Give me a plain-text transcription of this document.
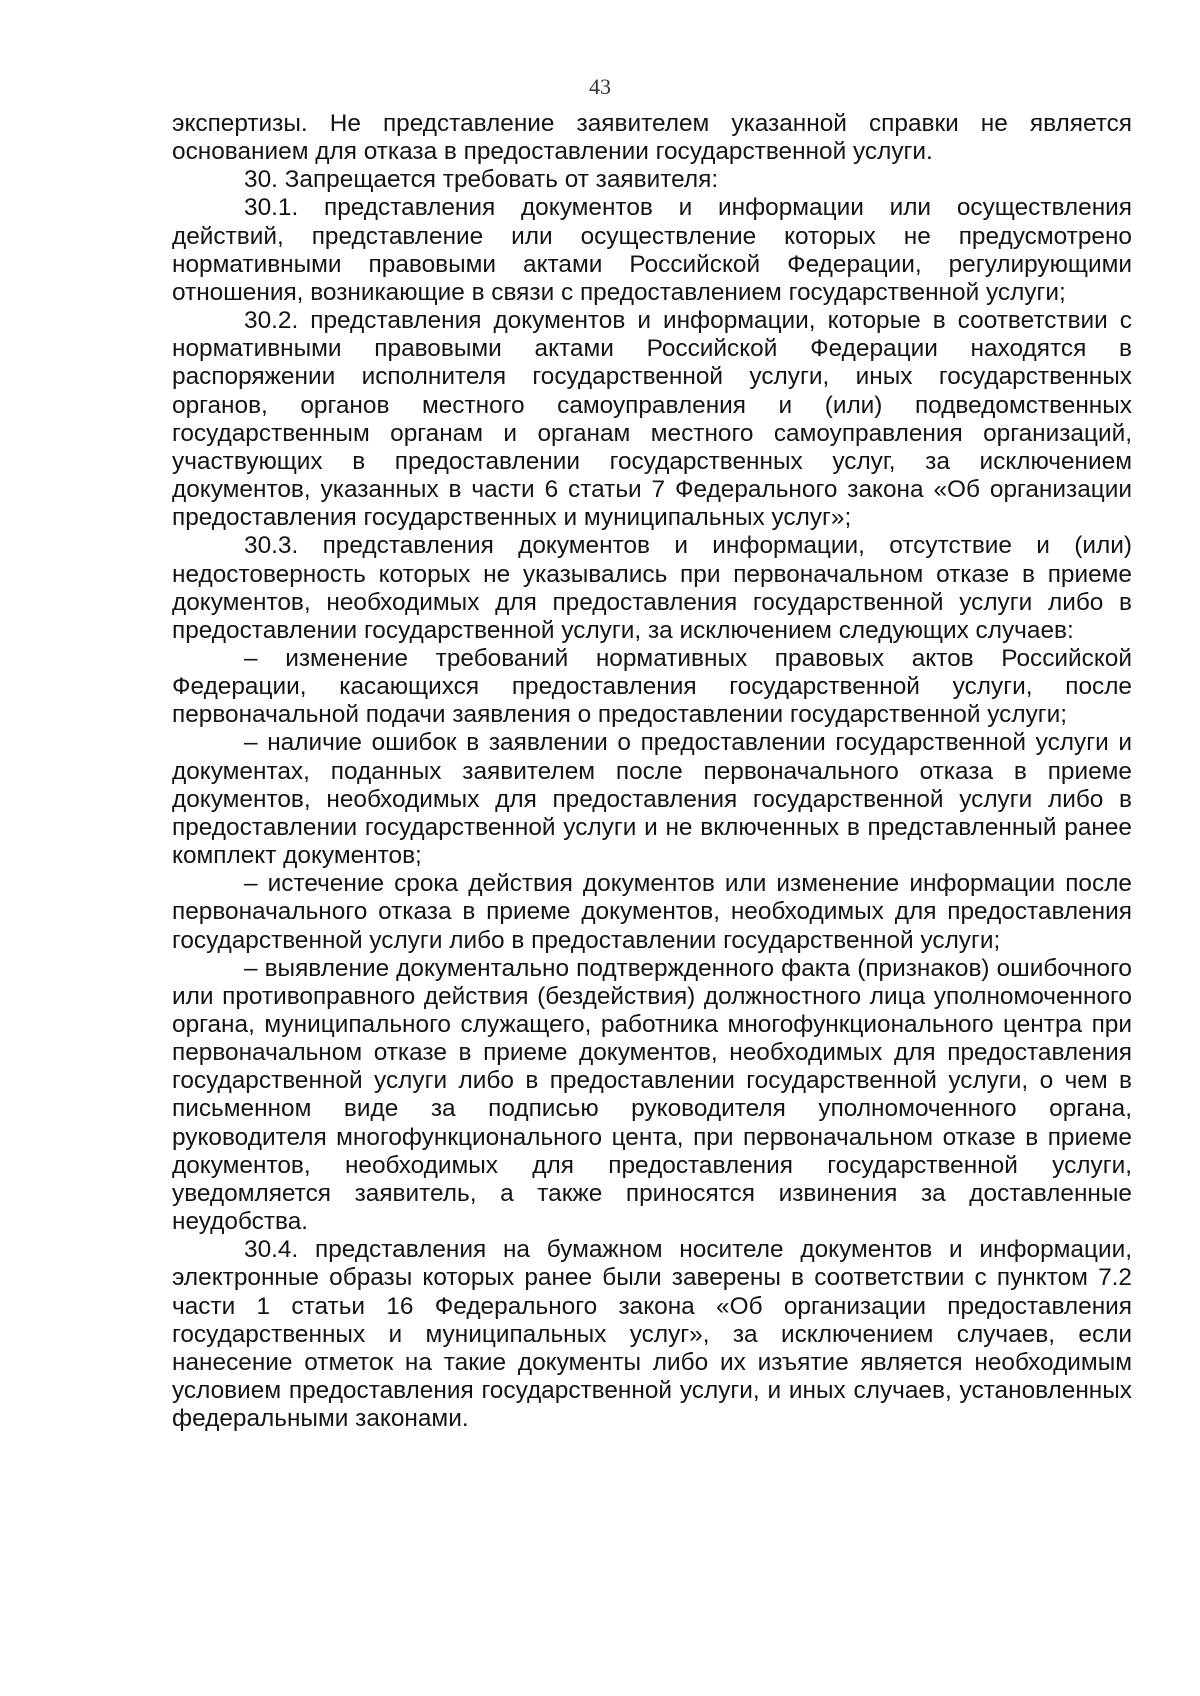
43

экспертизы. Не представление заявителем указанной справки не является основанием для отказа в предоставлении государственной услуги.

30. Запрещается требовать от заявителя:

30.1. представления документов и информации или осуществления действий, представление или осуществление которых не предусмотрено нормативными правовыми актами Российской Федерации, регулирующими отношения, возникающие в связи с предоставлением государственной услуги;

30.2. представления документов и информации, которые в соответствии с нормативными правовыми актами Российской Федерации находятся в распоряжении исполнителя государственной услуги, иных государственных органов, органов местного самоуправления и (или) подведомственных государственным органам и органам местного самоуправления организаций, участвующих в предоставлении государственных услуг, за исключением документов, указанных в части 6 статьи 7 Федерального закона «Об организации предоставления государственных и муниципальных услуг»;

30.3. представления документов и информации, отсутствие и (или) недостоверность которых не указывались при первоначальном отказе в приеме документов, необходимых для предоставления государственной услуги либо в предоставлении государственной услуги, за исключением следующих случаев:

– изменение требований нормативных правовых актов Российской Федерации, касающихся предоставления государственной услуги, после первоначальной подачи заявления о предоставлении государственной услуги;

– наличие ошибок в заявлении о предоставлении государственной услуги и документах, поданных заявителем после первоначального отказа в приеме документов, необходимых для предоставления государственной услуги либо в предоставлении государственной услуги и не включенных в представленный ранее комплект документов;

– истечение срока действия документов или изменение информации после первоначального отказа в приеме документов, необходимых для предоставления государственной услуги либо в предоставлении государственной услуги;

– выявление документально подтвержденного факта (признаков) ошибочного или противоправного действия (бездействия) должностного лица уполномоченного органа, муниципального служащего, работника многофункционального центра при первоначальном отказе в приеме документов, необходимых для предоставления государственной услуги либо в предоставлении государственной услуги, о чем в письменном виде за подписью руководителя уполномоченного органа, руководителя многофункционального цента, при первоначальном отказе в приеме документов, необходимых для предоставления государственной услуги, уведомляется заявитель, а также приносятся извинения за доставленные неудобства.

30.4. представления на бумажном носителе документов и информации, электронные образы которых ранее были заверены в соответствии с пунктом 7.2 части 1 статьи 16 Федерального закона «Об организации предоставления государственных и муниципальных услуг», за исключением случаев, если нанесение отметок на такие документы либо их изъятие является необходимым условием предоставления государственной услуги, и иных случаев, установленных федеральными законами.
